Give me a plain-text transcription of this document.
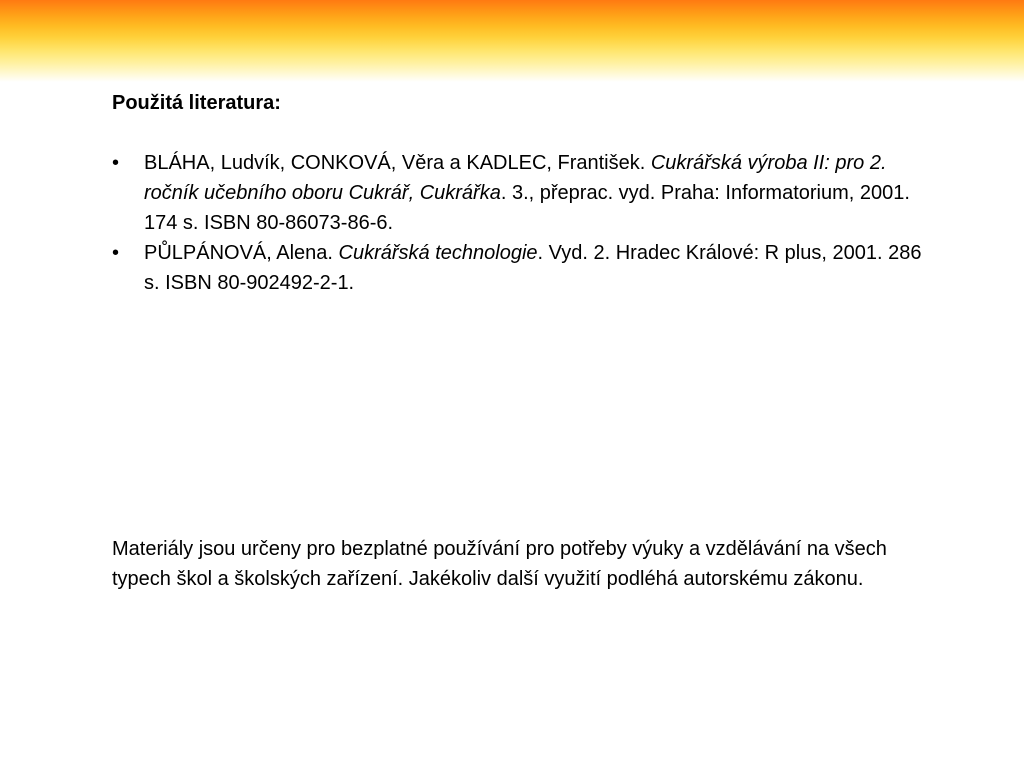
Použitá literatura:

• BLÁHA, Ludvík, CONKOVÁ, Věra a KADLEC, František. Cukrářská výroba II: pro 2. ročník učebního oboru Cukrář, Cukrářka. 3., přeprac. vyd. Praha: Informatorium, 2001. 174 s. ISBN 80-86073-86-6.
• PŮLPÁNOVÁ, Alena. Cukrářská technologie. Vyd. 2. Hradec Králové: R plus, 2001. 286 s. ISBN 80-902492-2-1.

Materiály jsou určeny pro bezplatné používání pro potřeby výuky a vzdělávání na všech typech škol a školských zařízení. Jakékoliv další využití podléhá autorskému zákonu.
